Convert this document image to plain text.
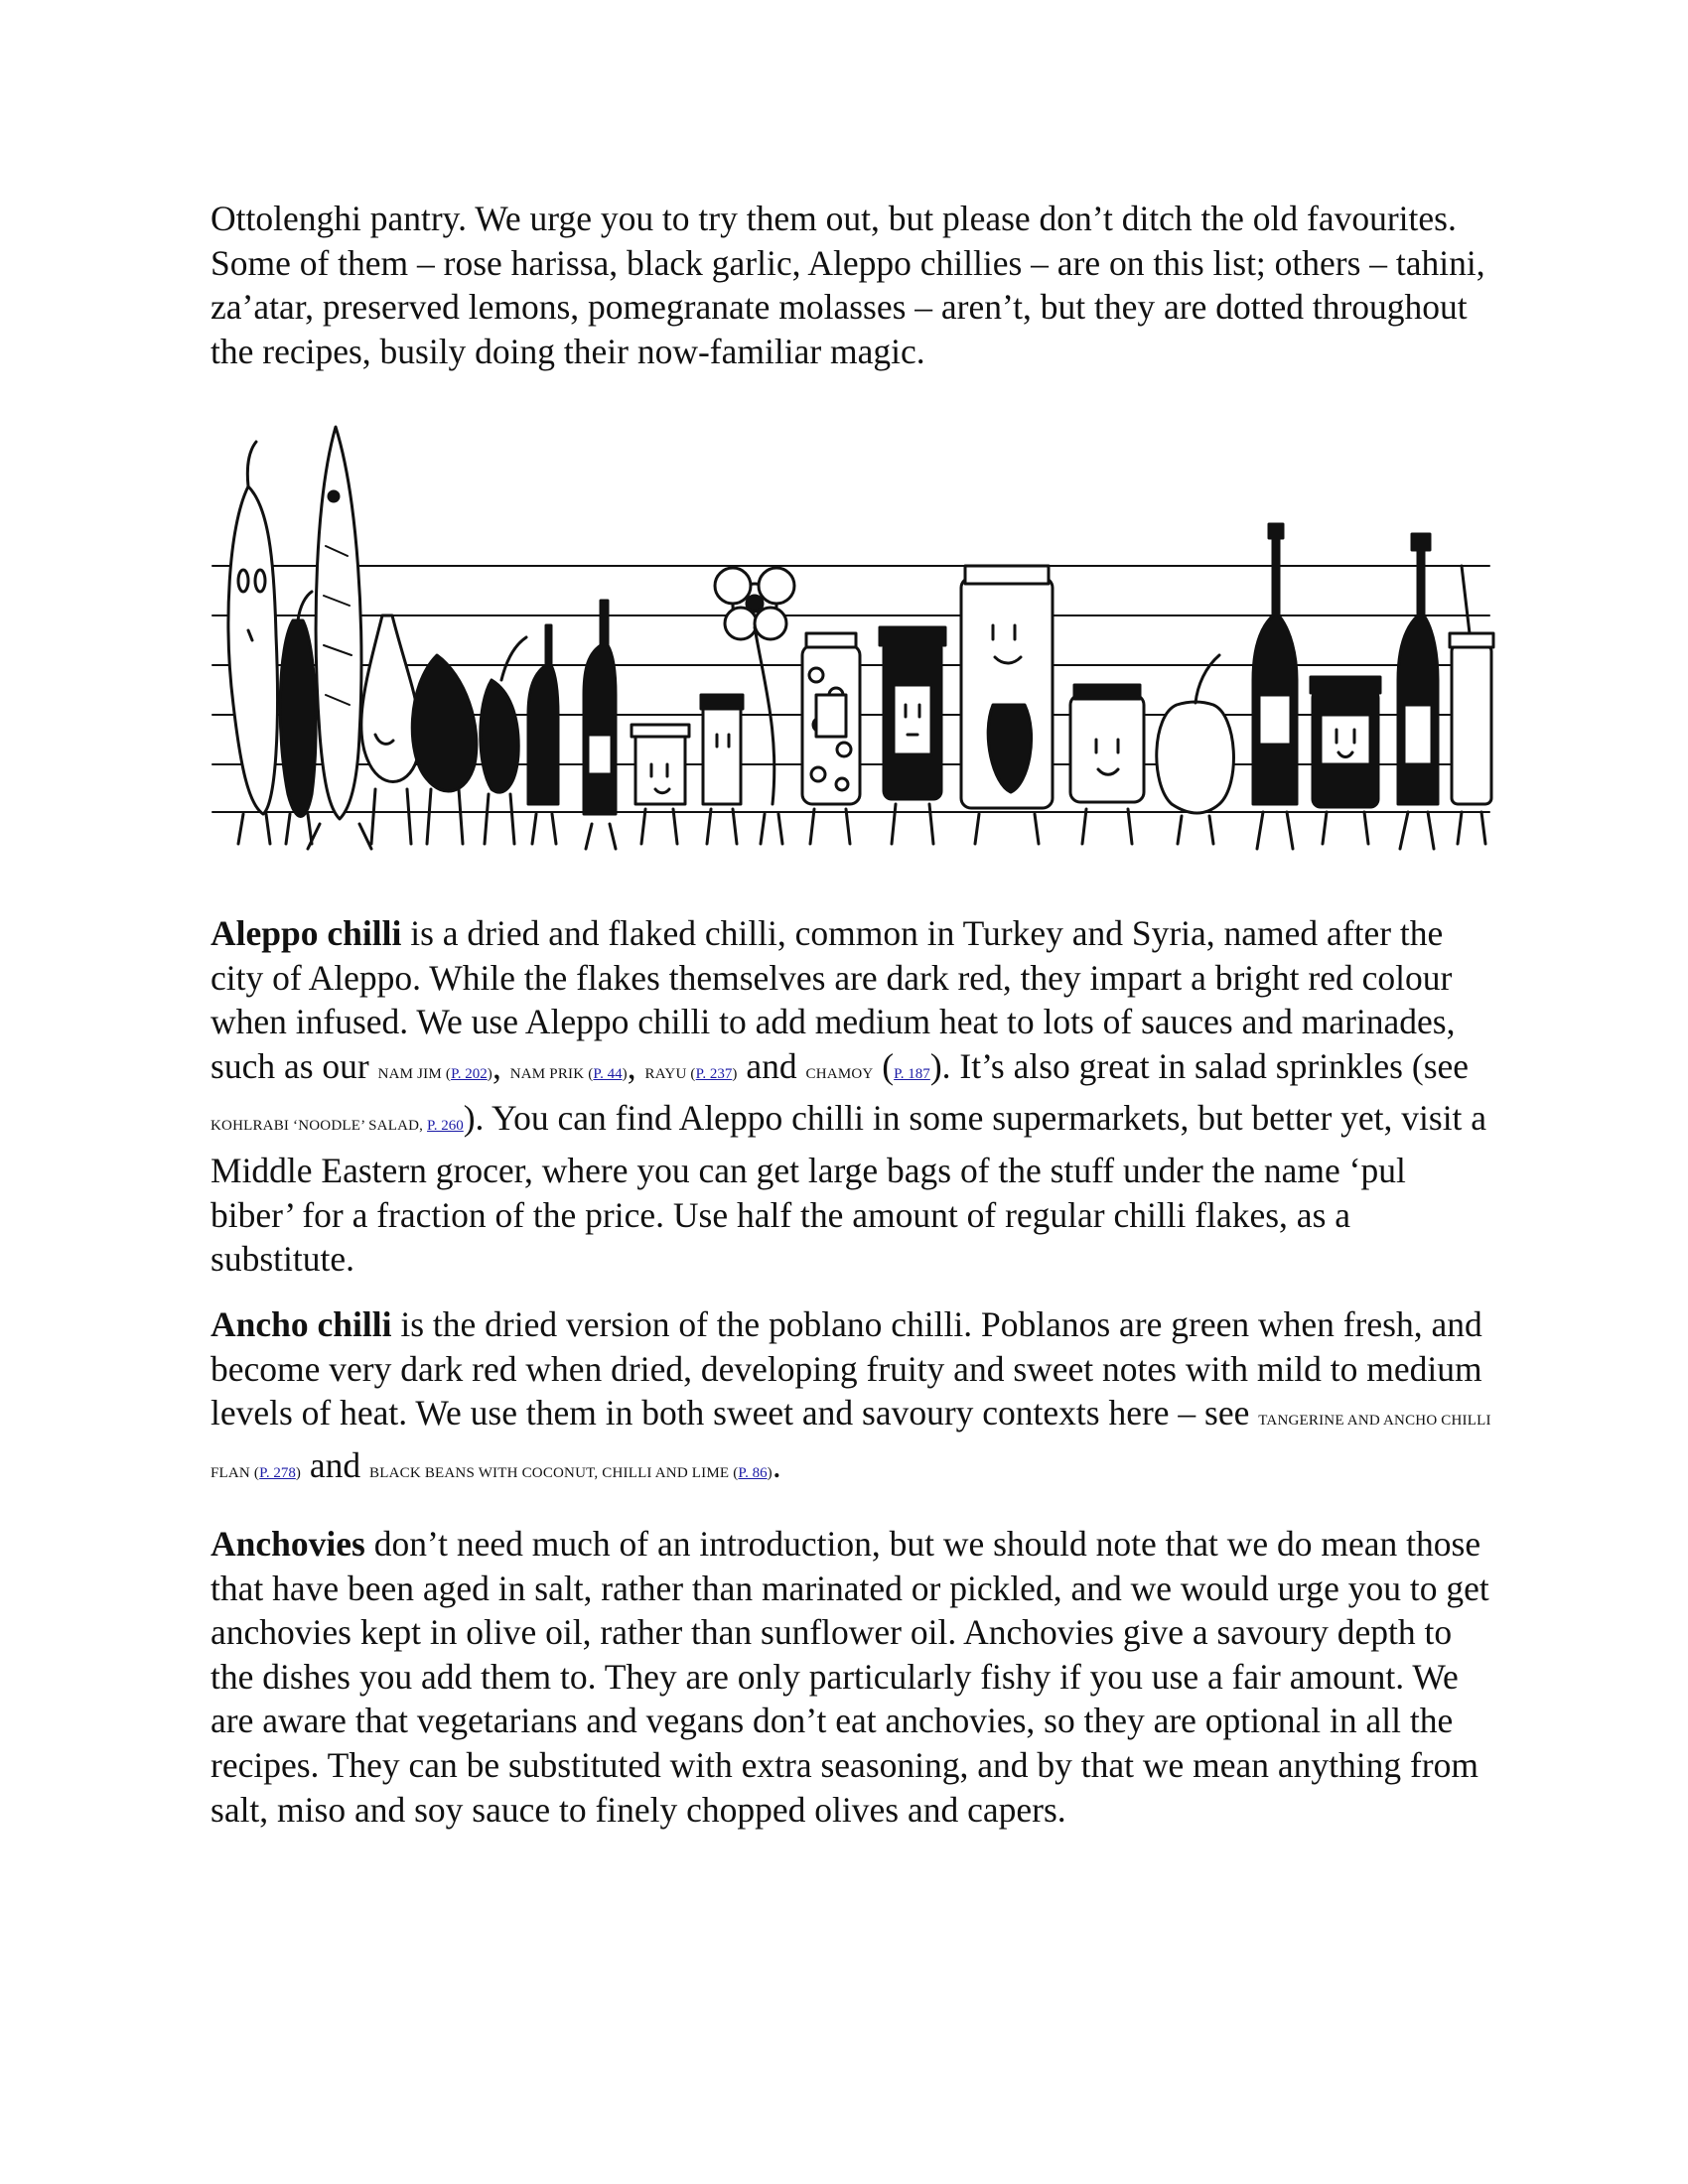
Ottolenghi pantry. We urge you to try them out, but please don’t ditch the old favourites. Some of them – rose harissa, black garlic, Aleppo chillies – are on this list; others – tahini, za’atar, preserved lemons, pomegranate molasses – aren’t, but they are dotted throughout the recipes, busily doing their now-familiar magic.

Aleppo chilli is a dried and flaked chilli, common in Turkey and Syria, named after the city of Aleppo. While the flakes themselves are dark red, they impart a bright red colour when infused. We use Aleppo chilli to add medium heat to lots of sauces and marinades, such as our NAM JIM (P. 202), NAM PRIK (P. 44), RAYU (P. 237) and CHAMOY (P. 187). It’s also great in salad sprinkles (see KOHLRABI ‘NOODLE’ SALAD, P. 260). You can find Aleppo chilli in some supermarkets, but better yet, visit a Middle Eastern grocer, where you can get large bags of the stuff under the name ‘pul biber’ for a fraction of the price. Use half the amount of regular chilli flakes, as a substitute.

Ancho chilli is the dried version of the poblano chilli. Poblanos are green when fresh, and become very dark red when dried, developing fruity and sweet notes with mild to medium levels of heat. We use them in both sweet and savoury contexts here – see TANGERINE AND ANCHO CHILLI FLAN (P. 278) and BLACK BEANS WITH COCONUT, CHILLI AND LIME (P. 86).

Anchovies don’t need much of an introduction, but we should note that we do mean those that have been aged in salt, rather than marinated or pickled, and we would urge you to get anchovies kept in olive oil, rather than sunflower oil. Anchovies give a savoury depth to the dishes you add them to. They are only particularly fishy if you use a fair amount. We are aware that vegetarians and vegans don’t eat anchovies, so they are optional in all the recipes. They can be substituted with extra seasoning, and by that we mean anything from salt, miso and soy sauce to finely chopped olives and capers.
